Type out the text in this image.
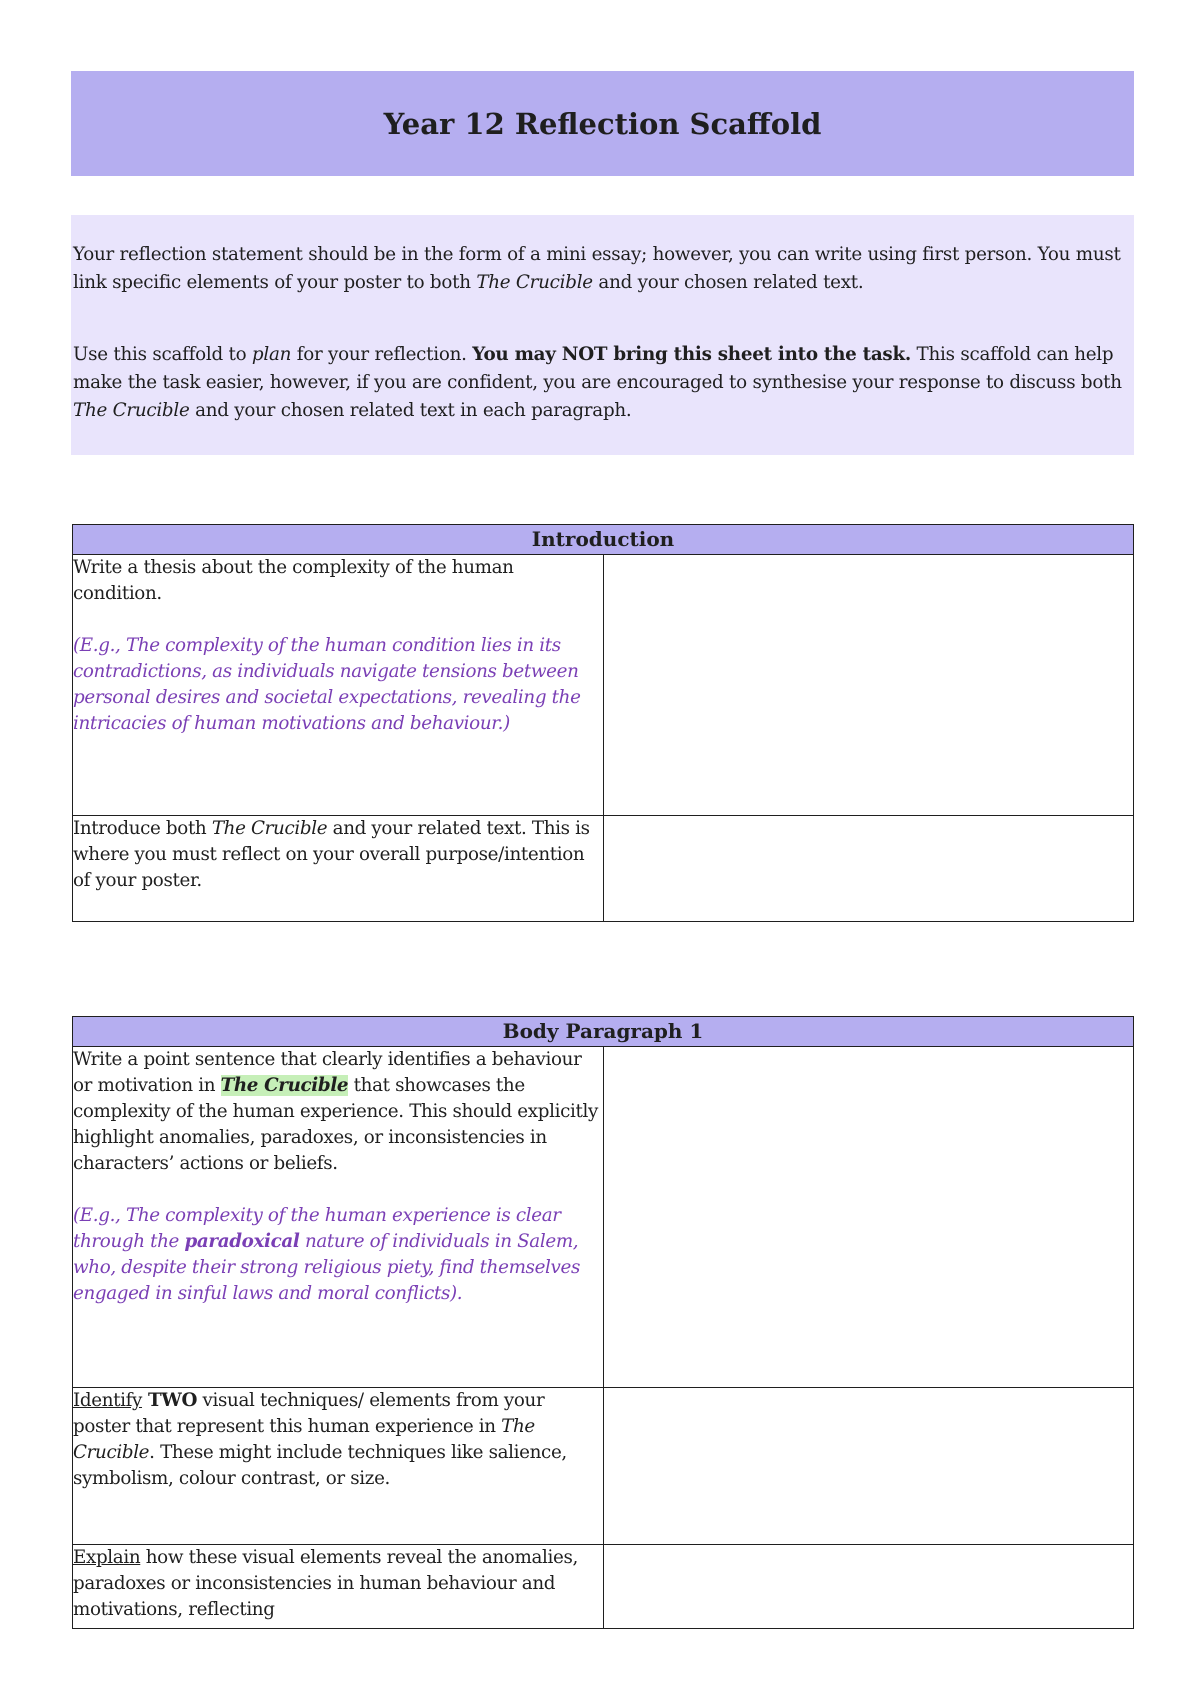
Year 12 Reflection Scaffold

Your reflection statement should be in the form of a mini essay; however, you can write using first person. You must link specific elements of your poster to both The Crucible and your chosen related text.

Use this scaffold to plan for your reflection. You may NOT bring this sheet into the task. This scaffold can help make the task easier, however, if you are confident, you are encouraged to synthesise your response to discuss both The Crucible and your chosen related text in each paragraph.

Introduction	

Write a thesis about the complexity of the human condition.
(E.g., The complexity of the human condition lies in its contradictions, as individuals navigate tensions between personal desires and societal expectations, revealing the intricacies of human motivations and behaviour.)	

Introduce both The Crucible and your related text. This is where you must reflect on your overall purpose/intention of your poster.	
Body Paragraph 1	

Write a point sentence that clearly identifies a behaviour or motivation in The Crucible that showcases the complexity of the human experience. This should explicitly highlight anomalies, paradoxes, or inconsistencies in characters’ actions or beliefs.
(E.g., The complexity of the human experience is clear through the paradoxical nature of individuals in Salem, who, despite their strong religious piety, find themselves engaged in sinful laws and moral conflicts).	

Identify TWO visual techniques/ elements from your poster that represent this human experience in The Crucible. These might include techniques like salience, symbolism, colour contrast, or size.	

Explain how these visual elements reveal the anomalies, paradoxes or inconsistencies in human behaviour and motivations, reflecting	
